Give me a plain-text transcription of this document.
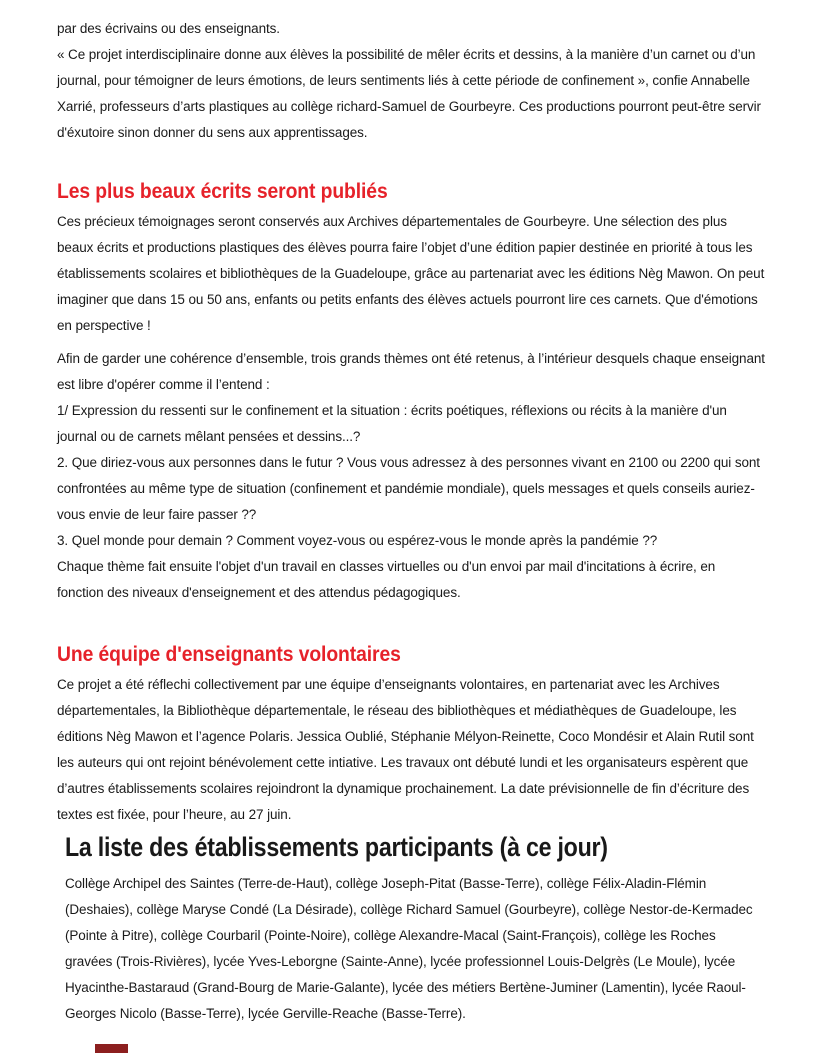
par des écrivains ou des enseignants.

« Ce projet interdisciplinaire donne aux élèves la possibilité de mêler écrits et dessins, à la manière d’un carnet ou d’un journal, pour témoigner de leurs émotions, de leurs sentiments liés à cette période de confinement », confie Annabelle Xarrié, professeurs d’arts plastiques au collège richard-Samuel de Gourbeyre. Ces productions pourront peut-être servir d'éxutoire sinon donner du sens aux apprentissages.

Les plus beaux écrits seront publiés

Ces précieux témoignages seront conservés aux Archives départementales de Gourbeyre. Une sélection des plus beaux écrits et productions plastiques des élèves pourra faire l’objet d’une édition papier destinée en priorité à tous les établissements scolaires et bibliothèques de la Guadeloupe, grâce au partenariat avec les éditions Nèg Mawon. On peut imaginer que dans 15 ou 50 ans, enfants ou petits enfants des élèves actuels pourront lire ces carnets. Que d'émotions en perspective !

Afin de garder une cohérence d’ensemble, trois grands thèmes ont été retenus, à l’intérieur desquels chaque enseignant est libre d'opérer comme il l’entend :
1/ Expression du ressenti sur le confinement et la situation : écrits poétiques, réflexions ou récits à la manière d'un journal ou de carnets mêlant pensées et dessins...?
2. Que diriez-vous aux personnes dans le futur ? Vous vous adressez à des personnes vivant en 2100 ou 2200 qui sont confrontées au même type de situation (confinement et pandémie mondiale), quels messages et quels conseils auriez-vous envie de leur faire passer ??
3. Quel monde pour demain ? Comment voyez-vous ou espérez-vous le monde après la pandémie ??

Chaque thème fait ensuite l'objet d'un travail en classes virtuelles ou d'un envoi par mail d'incitations à écrire, en fonction des niveaux d'enseignement et des attendus pédagogiques.

Une équipe d'enseignants volontaires

Ce projet a été réflechi collectivement par une équipe d’enseignants volontaires, en partenariat avec les Archives départementales, la Bibliothèque départementale, le réseau des bibliothèques et médiathèques de Guadeloupe, les éditions Nèg Mawon et l’agence Polaris. Jessica Oublié, Stéphanie Mélyon-Reinette, Coco Mondésir et Alain Rutil sont les auteurs qui ont rejoint bénévolement cette intiative. Les travaux ont débuté lundi et les organisateurs espèrent que d’autres établissements scolaires rejoindront la dynamique prochainement. La date prévisionnelle de fin d’écriture des textes est fixée, pour l’heure, au 27 juin.

La liste des établissements participants (à ce jour)

Collège Archipel des Saintes (Terre-de-Haut), collège Joseph-Pitat (Basse-Terre), collège Félix-Aladin-Flémin (Deshaies), collège Maryse Condé (La Désirade), collège Richard Samuel (Gourbeyre), collège Nestor-de-Kermadec (Pointe à Pitre), collège Courbaril (Pointe-Noire), collège Alexandre-Macal (Saint-François), collège les Roches gravées (Trois-Rivières), lycée Yves-Leborgne (Sainte-Anne), lycée professionnel Louis-Delgrès (Le Moule), lycée Hyacinthe-Bastaraud (Grand-Bourg de Marie-Galante), lycée des métiers Bertène-Juminer (Lamentin), lycée Raoul-Georges Nicolo (Basse-Terre), lycée Gerville-Reache (Basse-Terre).
